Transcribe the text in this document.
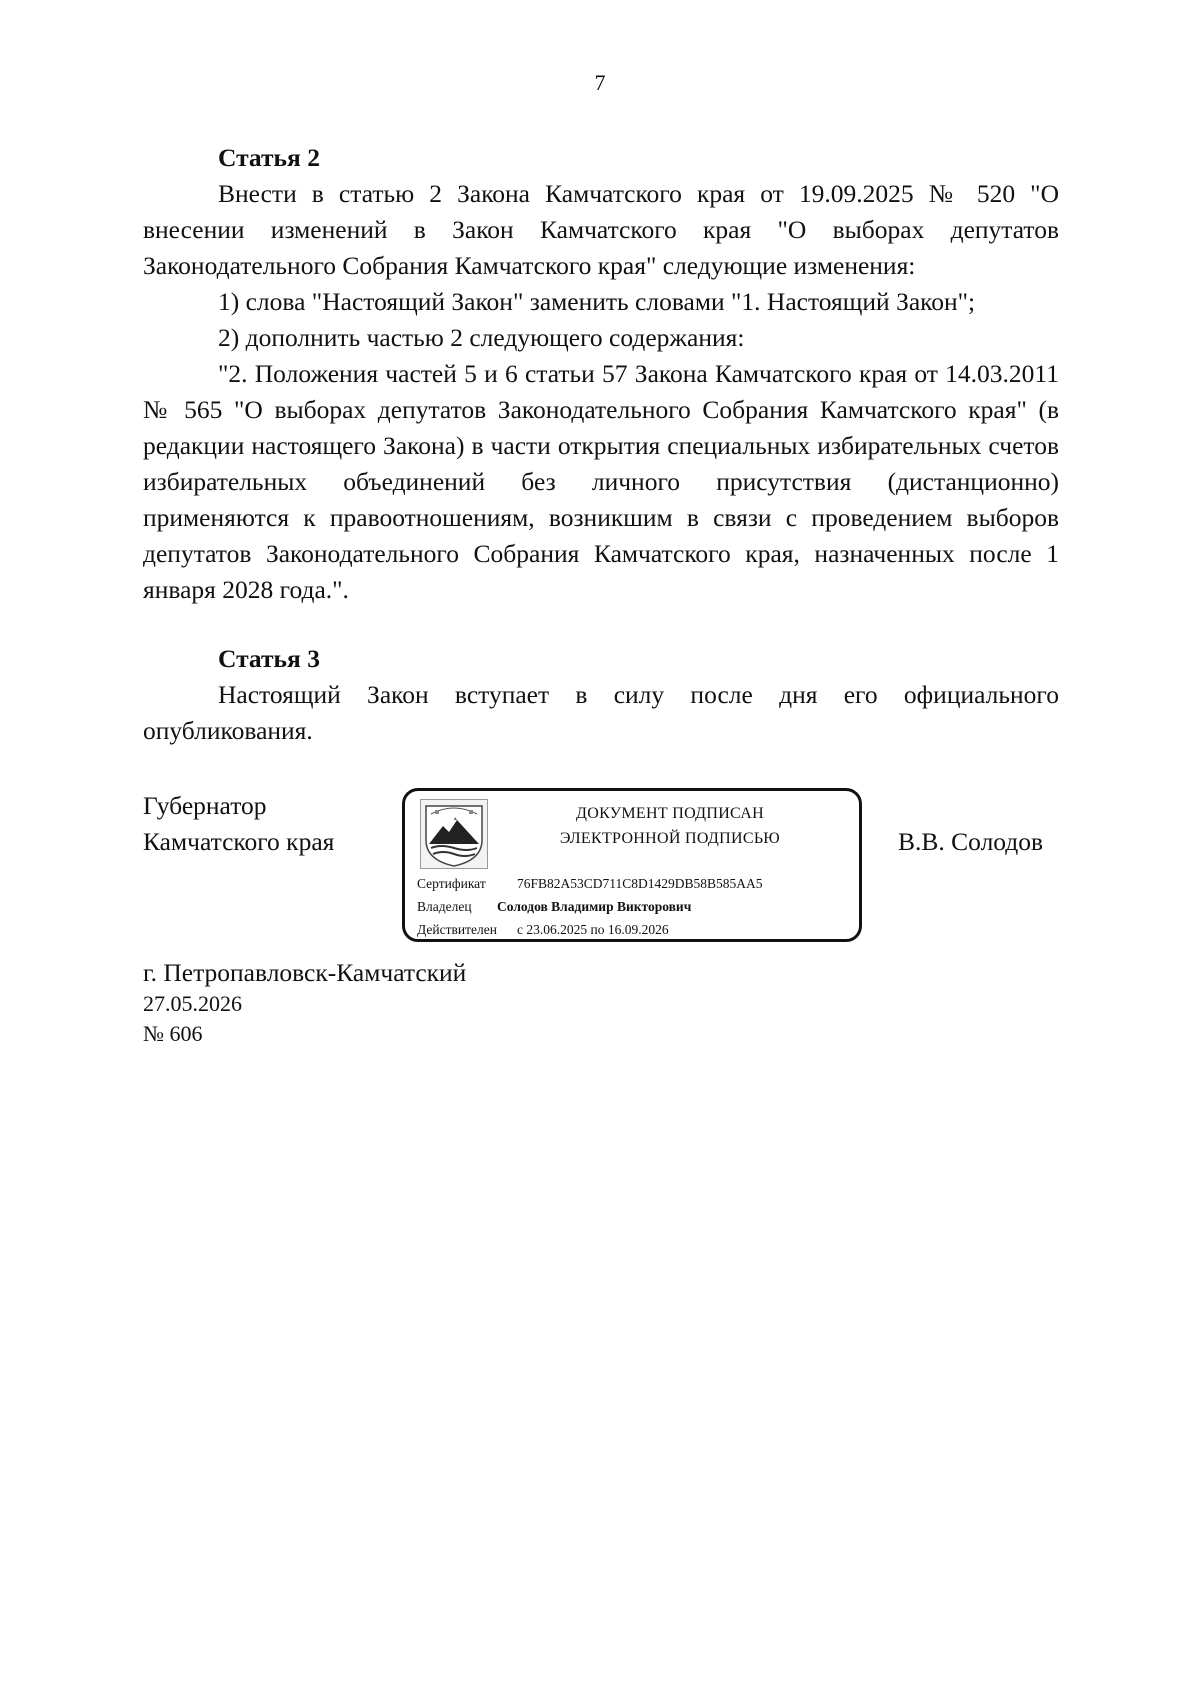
7

Статья 2

Внести в статью 2 Закона Камчатского края от 19.09.2025 № 520 "О внесении изменений в Закон Камчатского края "О выборах депутатов Законодательного Собрания Камчатского края" следующие изменения:

1) слова "Настоящий Закон" заменить словами "1. Настоящий Закон";

2) дополнить частью 2 следующего содержания:

"2. Положения частей 5 и 6 статьи 57 Закона Камчатского края от 14.03.2011 № 565 "О выборах депутатов Законодательного Собрания Камчатского края" (в редакции настоящего Закона) в части открытия специальных избирательных счетов избирательных объединений без личного присутствия (дистанционно) применяются к правоотношениям, возникшим в связи с проведением выборов депутатов Законодательного Собрания Камчатского края, назначенных после 1 января 2028 года.".

Статья 3

Настоящий Закон вступает в силу после дня его официального опубликования.

Губернатор
Камчатского края
ДОКУМЕНТ ПОДПИСАН
ЭЛЕКТРОННОЙ ПОДПИСЬЮ
Сертификат 76FB82A53CD711C8D1429DB58B585AA5
Владелец Солодов Владимир Викторович
Действителен с 23.06.2025 по 16.09.2026
В.В. Солодов
г. Петропавловск-Камчатский
27.05.2026
№ 606
